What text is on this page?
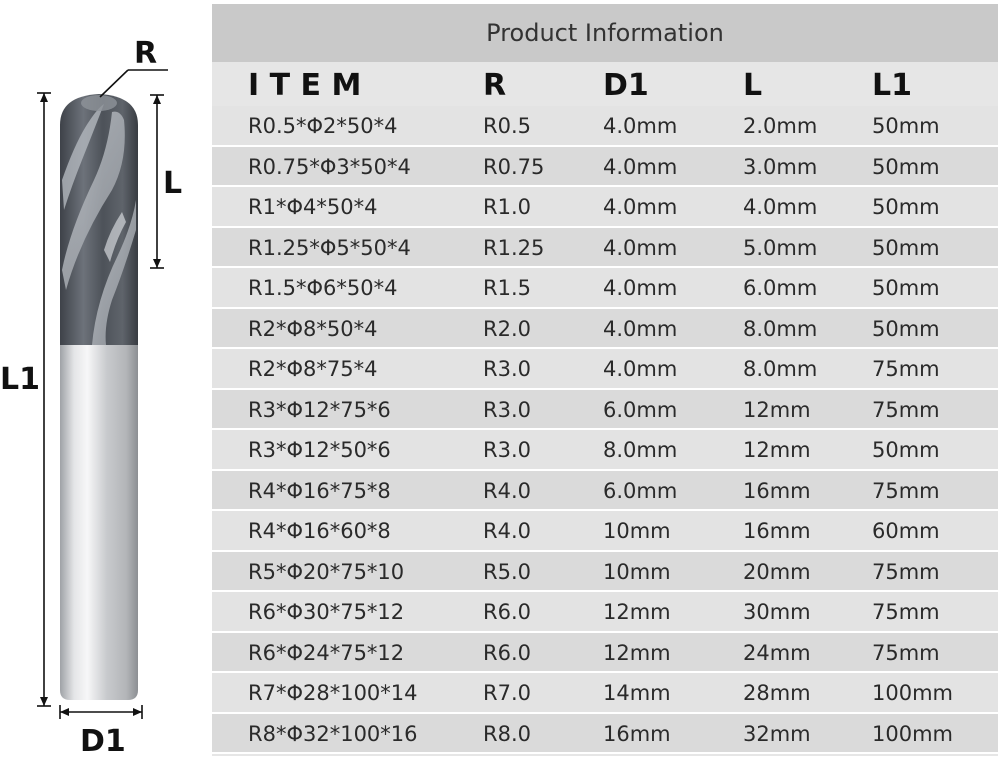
R
L
L1
D1
Product Information
I T E M	R	D1	L	L1
R0.5*Φ2*50*4	R0.5	4.0mm	2.0mm	50mm
R0.75*Φ3*50*4	R0.75	4.0mm	3.0mm	50mm
R1*Φ4*50*4	R1.0	4.0mm	4.0mm	50mm
R1.25*Φ5*50*4	R1.25	4.0mm	5.0mm	50mm
R1.5*Φ6*50*4	R1.5	4.0mm	6.0mm	50mm
R2*Φ8*50*4	R2.0	4.0mm	8.0mm	50mm
R2*Φ8*75*4	R3.0	4.0mm	8.0mm	75mm
R3*Φ12*75*6	R3.0	6.0mm	12mm	75mm
R3*Φ12*50*6	R3.0	8.0mm	12mm	50mm
R4*Φ16*75*8	R4.0	6.0mm	16mm	75mm
R4*Φ16*60*8	R4.0	10mm	16mm	60mm
R5*Φ20*75*10	R5.0	10mm	20mm	75mm
R6*Φ30*75*12	R6.0	12mm	30mm	75mm
R6*Φ24*75*12	R6.0	12mm	24mm	75mm
R7*Φ28*100*14	R7.0	14mm	28mm	100mm
R8*Φ32*100*16	R8.0	16mm	32mm	100mm
